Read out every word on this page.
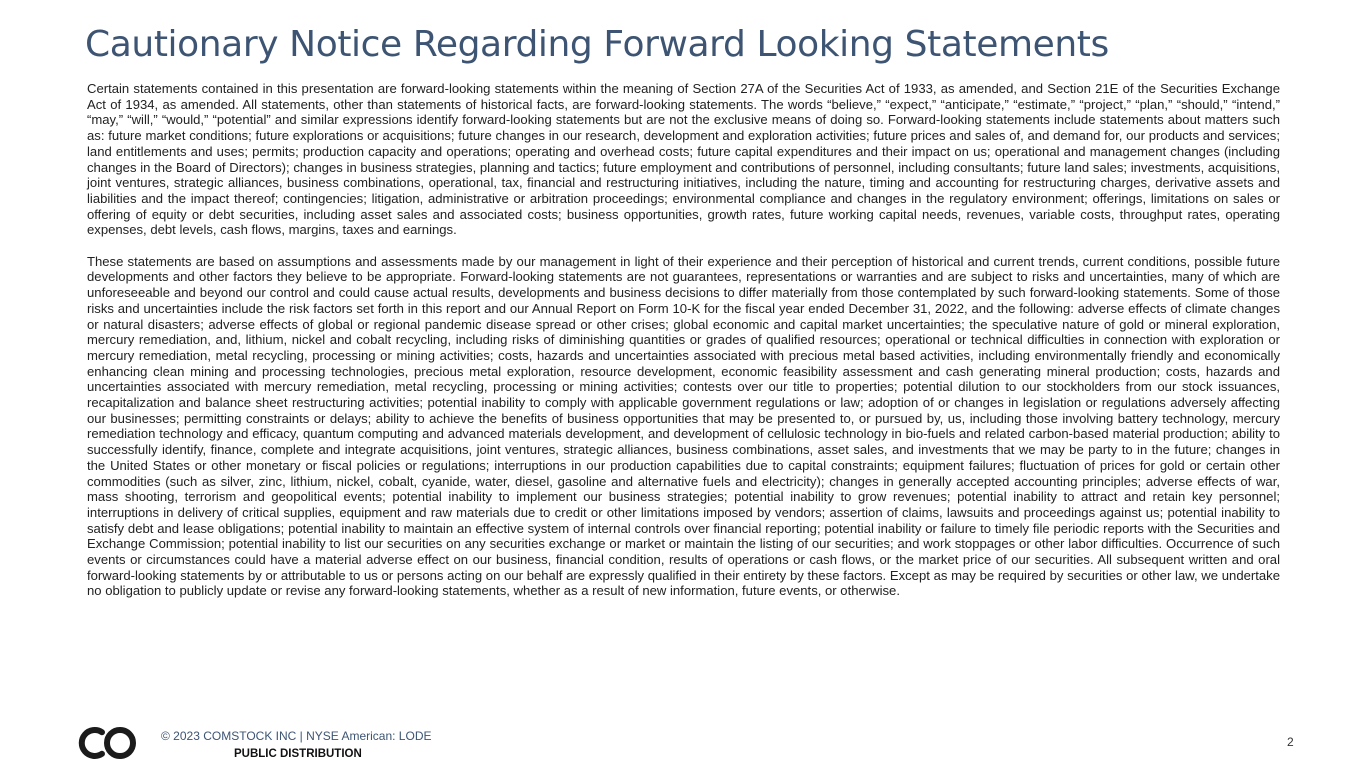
Cautionary Notice Regarding Forward Looking Statements

Certain statements contained in this presentation are forward-looking statements within the meaning of Section 27A of the Securities Act of 1933, as amended, and Section 21E of the Securities Exchange Act of 1934, as amended. All statements, other than statements of historical facts, are forward-looking statements. The words “believe,” “expect,” “anticipate,” “estimate,” “project,” “plan,” “should,” “intend,” “may,” “will,” “would,” “potential” and similar expressions identify forward-looking statements but are not the exclusive means of doing so. Forward-looking statements include statements about matters such as: future market conditions; future explorations or acquisitions; future changes in our research, development and exploration activities; future prices and sales of, and demand for, our products and services; land entitlements and uses; permits; production capacity and operations; operating and overhead costs; future capital expenditures and their impact on us; operational and management changes (including changes in the Board of Directors); changes in business strategies, planning and tactics; future employment and contributions of personnel, including consultants; future land sales; investments, acquisitions, joint ventures, strategic alliances, business combinations, operational, tax, financial and restructuring initiatives, including the nature, timing and accounting for restructuring charges, derivative assets and liabilities and the impact thereof; contingencies; litigation, administrative or arbitration proceedings; environmental compliance and changes in the regulatory environment; offerings, limitations on sales or offering of equity or debt securities, including asset sales and associated costs; business opportunities, growth rates, future working capital needs, revenues, variable costs, throughput rates, operating expenses, debt levels, cash flows, margins, taxes and earnings.

These statements are based on assumptions and assessments made by our management in light of their experience and their perception of historical and current trends, current conditions, possible future developments and other factors they believe to be appropriate. Forward-looking statements are not guarantees, representations or warranties and are subject to risks and uncertainties, many of which are unforeseeable and beyond our control and could cause actual results, developments and business decisions to differ materially from those contemplated by such forward-looking statements. Some of those risks and uncertainties include the risk factors set forth in this report and our Annual Report on Form 10-K for the fiscal year ended December 31, 2022, and the following: adverse effects of climate changes or natural disasters; adverse effects of global or regional pandemic disease spread or other crises; global economic and capital market uncertainties; the speculative nature of gold or mineral exploration, mercury remediation, and, lithium, nickel and cobalt recycling, including risks of diminishing quantities or grades of qualified resources; operational or technical difficulties in connection with exploration or mercury remediation, metal recycling, processing or mining activities; costs, hazards and uncertainties associated with precious metal based activities, including environmentally friendly and economically enhancing clean mining and processing technologies, precious metal exploration, resource development, economic feasibility assessment and cash generating mineral production; costs, hazards and uncertainties associated with mercury remediation, metal recycling, processing or mining activities; contests over our title to properties; potential dilution to our stockholders from our stock issuances, recapitalization and balance sheet restructuring activities; potential inability to comply with applicable government regulations or law; adoption of or changes in legislation or regulations adversely affecting our businesses; permitting constraints or delays; ability to achieve the benefits of business opportunities that may be presented to, or pursued by, us, including those involving battery technology, mercury remediation technology and efficacy, quantum computing and advanced materials development, and development of cellulosic technology in bio-fuels and related carbon-based material production; ability to successfully identify, finance, complete and integrate acquisitions, joint ventures, strategic alliances, business combinations, asset sales, and investments that we may be party to in the future; changes in the United States or other monetary or fiscal policies or regulations; interruptions in our production capabilities due to capital constraints; equipment failures; fluctuation of prices for gold or certain other commodities (such as silver, zinc, lithium, nickel, cobalt, cyanide, water, diesel, gasoline and alternative fuels and electricity); changes in generally accepted accounting principles; adverse effects of war, mass shooting, terrorism and geopolitical events; potential inability to implement our business strategies; potential inability to grow revenues; potential inability to attract and retain key personnel; interruptions in delivery of critical supplies, equipment and raw materials due to credit or other limitations imposed by vendors; assertion of claims, lawsuits and proceedings against us; potential inability to satisfy debt and lease obligations; potential inability to maintain an effective system of internal controls over financial reporting; potential inability or failure to timely file periodic reports with the Securities and Exchange Commission; potential inability to list our securities on any securities exchange or market or maintain the listing of our securities; and work stoppages or other labor difficulties. Occurrence of such events or circumstances could have a material adverse effect on our business, financial condition, results of operations or cash flows, or the market price of our securities. All subsequent written and oral forward-looking statements by or attributable to us or persons acting on our behalf are expressly qualified in their entirety by these factors. Except as may be required by securities or other law, we undertake no obligation to publicly update or revise any forward-looking statements, whether as a result of new information, future events, or otherwise.

© 2023 COMSTOCK INC | NYSE American: LODE
PUBLIC DISTRIBUTION
2
